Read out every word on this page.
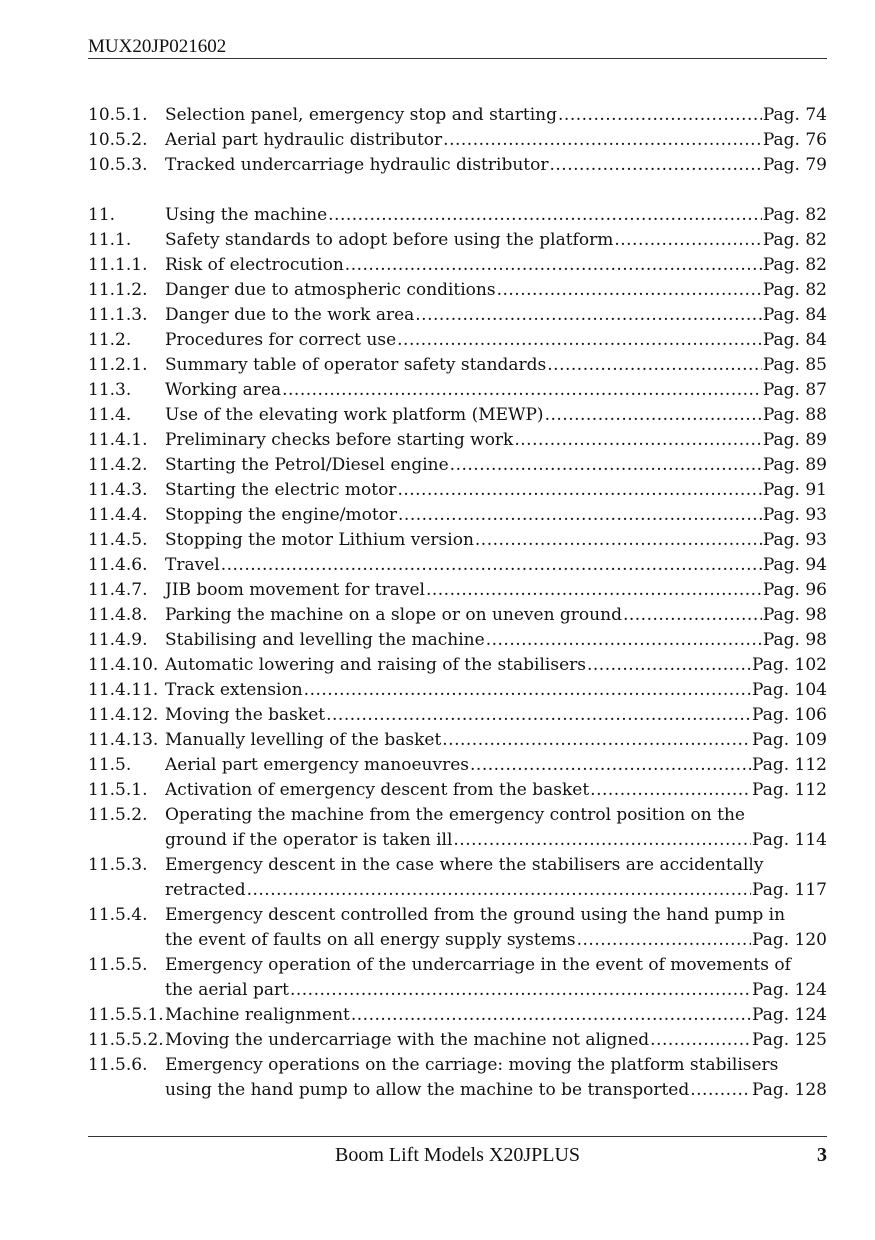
MUX20JP021602
10.5.1. Selection panel, emergency stop and starting .....	Pag. 74
10.5.2. Aerial part hydraulic distributor .....	Pag. 76
10.5.3. Tracked undercarriage hydraulic distributor .....	Pag. 79
11.	Using the machine .....	Pag. 82
11.1. Safety standards to adopt before using the platform .....	Pag. 82
11.1.1. Risk of electrocution .....	Pag. 82
11.1.2. Danger due to atmospheric conditions .....	Pag. 82
11.1.3. Danger due to the work area .....	Pag. 84
11.2. Procedures for correct use .....	Pag. 84
11.2.1. Summary table of operator safety standards .....	Pag. 85
11.3. Working area .....	Pag. 87
11.4. Use of the elevating work platform (MEWP) .....	Pag. 88
11.4.1. Preliminary checks before starting work .....	Pag. 89
11.4.2. Starting the Petrol/Diesel engine .....	Pag. 89
11.4.3. Starting the electric motor .....	Pag. 91
11.4.4. Stopping the engine/motor .....	Pag. 93
11.4.5. Stopping the motor Lithium version .....	Pag. 93
11.4.6. Travel .....	Pag. 94
11.4.7. JIB boom movement for travel .....	Pag. 96
11.4.8. Parking the machine on a slope or on uneven ground .....	Pag. 98
11.4.9. Stabilising and levelling the machine .....	Pag. 98
11.4.10. Automatic lowering and raising of the stabilisers .....	Pag. 102
11.4.11. Track extension .....	Pag. 104
11.4.12. Moving the basket .....	Pag. 106
11.4.13. Manually levelling of the basket .....	Pag. 109
11.5. Aerial part emergency manoeuvres .....	Pag. 112
11.5.1. Activation of emergency descent from the basket .....	Pag. 112
11.5.2. Operating the machine from the emergency control position on the
ground if the operator is taken ill .....	Pag. 114
11.5.3. Emergency descent in the case where the stabilisers are accidentally
retracted .....	Pag. 117
11.5.4. Emergency descent controlled from the ground using the hand pump in
the event of faults on all energy supply systems .....	Pag. 120
11.5.5. Emergency operation of the undercarriage in the event of movements of
the aerial part .....	Pag. 124
11.5.5.1. Machine realignment .....	Pag. 124
11.5.5.2. Moving the undercarriage with the machine not aligned .....	Pag. 125
11.5.6. Emergency operations on the carriage: moving the platform stabilisers
using the hand pump to allow the machine to be transported .....	Pag. 128
Boom Lift Models X20JPLUS	3
